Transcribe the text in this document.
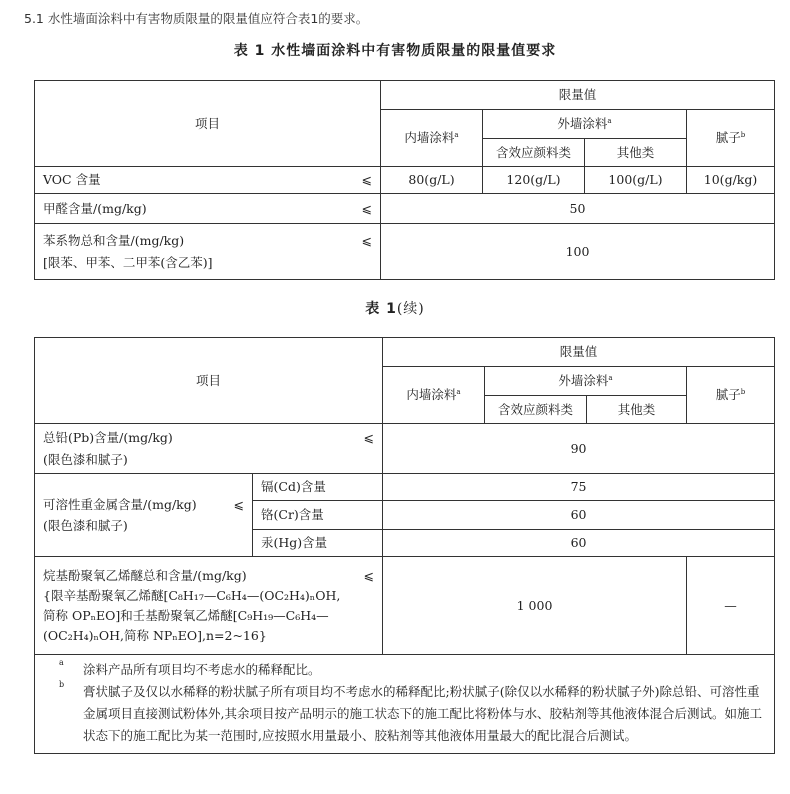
5.1 水性墙面涂料中有害物质限量的限量值应符合表1的要求。
表 1 水性墙面涂料中有害物质限量的限量值要求
项目	限量值			
	内墙涂料$^a$	外墙涂料$^a$		腻子$^b$
		含效应颜料类	其他类	
VOC 含量 ⩽	80(g/L)	120(g/L)	100(g/L)	10(g/kg)
甲醛含量/(mg/kg) ⩽	50			
苯系物总和含量/(mg/kg) ⩽

[限苯、甲苯、二甲苯(含乙苯)]	100			
表 1(续)
项目		限量值			
		内墙涂料$^a$	外墙涂料$^a$		腻子$^b$
			含效应颜料类	其他类	
总铅(Pb)含量/(mg/kg) ⩽

(限色漆和腻子)		90			
可溶性重金属含量/(mg/kg) ⩽

(限色漆和腻子)	镉(Cd)含量	75			
	铬(Cr)含量	60			
	汞(Hg)含量	60			
烷基酚聚氧乙烯醚总和含量/(mg/kg) ⩽

{限辛基酚聚氧乙烯醚[C₈H₁₇—C₆H₄—(OC₂H₄)ₙOH,
简称 OPₙEO]和壬基酚聚氧乙烯醚[C₉H₁₉—C₆H₄—
(OC₂H₄)ₙOH,简称 NPₙEO],n=2~16}		1 000			—

a 涂料产品所有项目均不考虑水的稀释配比。

b 膏状腻子及仅以水稀释的粉状腻子所有项目均不考虑水的稀释配比;粉状腻子(除仅以水稀释的粉状腻子外)除总铅、可溶性重金属项目直接测试粉体外,其余项目按产品明示的施工状态下的施工配比将粉体与水、胶粘剂等其他液体混合后测试。如施工状态下的施工配比为某一范围时,应按照水用量最小、胶粘剂等其他液体用量最大的配比混合后测试。					
